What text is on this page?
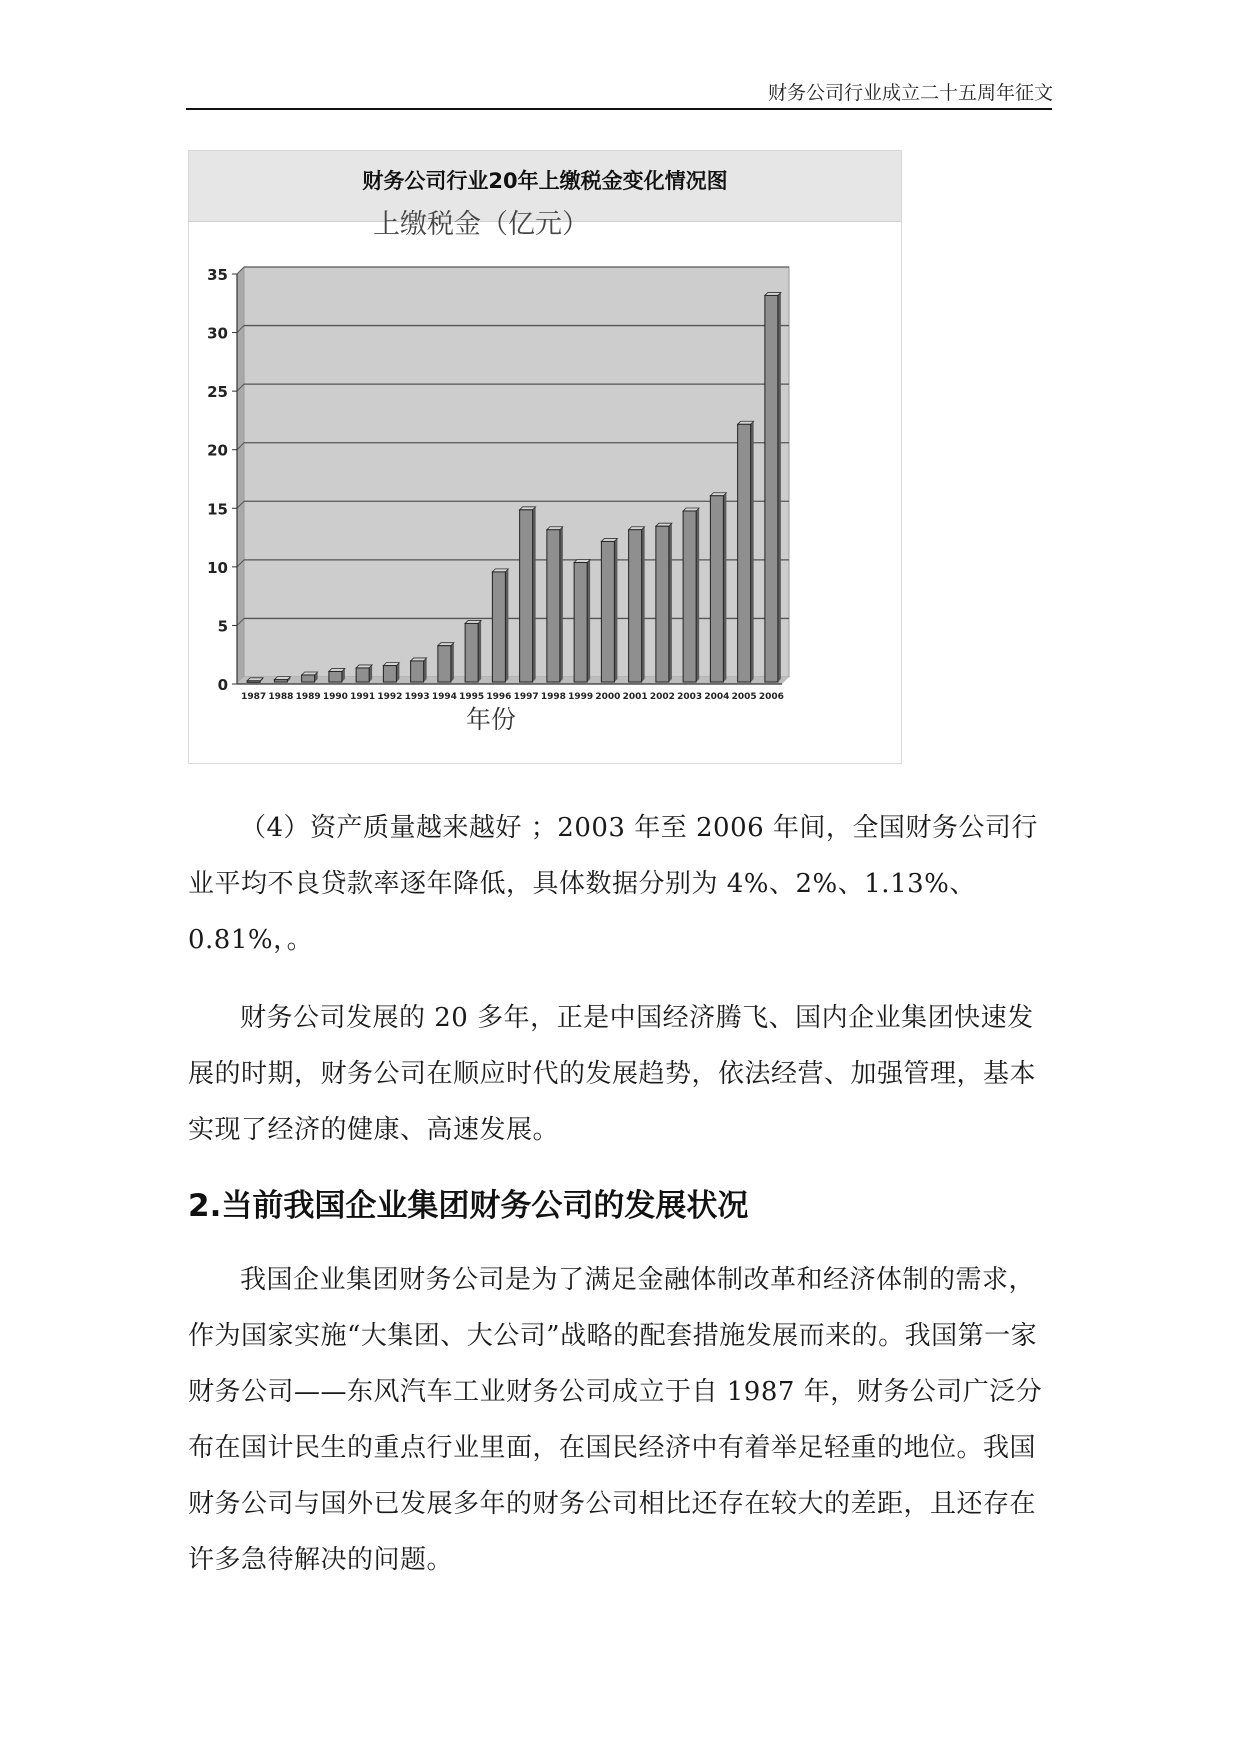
财务公司行业成立二十五周年征文
财务公司行业20年上缴税金变化情况图
上缴税金（亿元）
年份
0
5
10
15
20
25
30
35
1987 1988 1989 1990 1991 1992 1993 1994 1995 1996 1997 1998 1999 2000 2001 2002 2003 2004 2005 2006

（4）资产质量越来越好 ；2003 年至 2006 年间，全国财务公司行业平均不良贷款率逐年降低，具体数据分别为 4%、2%、1.13%、0.81%，。

财务公司发展的 20 多年，正是中国经济腾飞、国内企业集团快速发展的时期，财务公司在顺应时代的发展趋势，依法经营、加强管理，基本实现了经济的健康、高速发展。

2.当前我国企业集团财务公司的发展状况

我国企业集团财务公司是为了满足金融体制改革和经济体制的需求，作为国家实施“大集团、大公司”战略的配套措施发展而来的。我国第一家财务公司——东风汽车工业财务公司成立于自 1987 年，财务公司广泛分布在国计民生的重点行业里面，在国民经济中有着举足轻重的地位。我国财务公司与国外已发展多年的财务公司相比还存在较大的差距，且还存在许多急待解决的问题。
